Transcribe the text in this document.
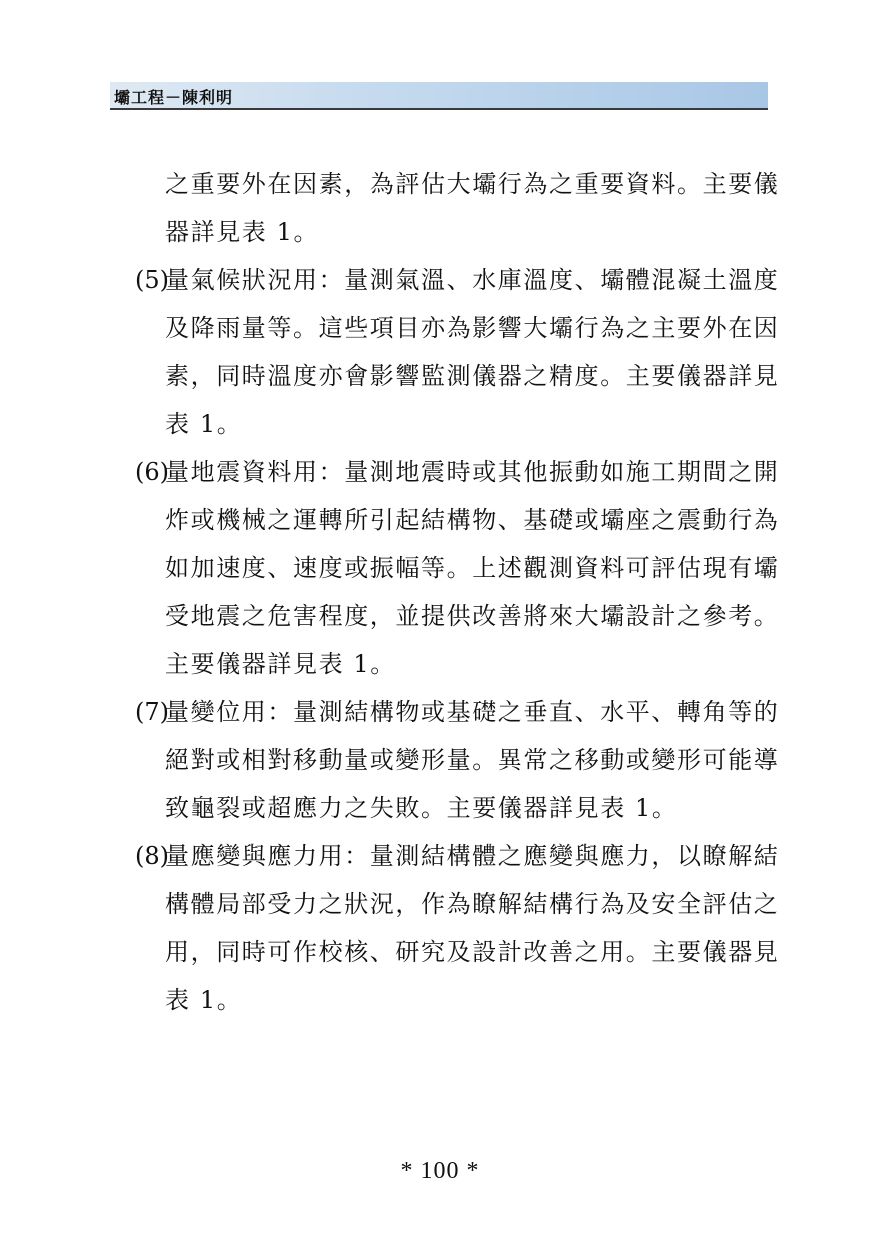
壩工程－陳利明
之重要外在因素，為評估大壩行為之重要資料。主要儀
器詳見表 1。
(5)
量氣候狀況用：量測氣溫、水庫溫度、壩體混凝土溫度
及降雨量等。這些項目亦為影響大壩行為之主要外在因
素，同時溫度亦會影響監測儀器之精度。主要儀器詳見
表 1。
(6)
量地震資料用：量測地震時或其他振動如施工期間之開
炸或機械之運轉所引起結構物、基礎或壩座之震動行為
如加速度、速度或振幅等。上述觀測資料可評估現有壩
受地震之危害程度，並提供改善將來大壩設計之參考。
主要儀器詳見表 1。
(7)
量變位用：量測結構物或基礎之垂直、水平、轉角等的
絕對或相對移動量或變形量。異常之移動或變形可能導
致龜裂或超應力之失敗。主要儀器詳見表 1。
(8)
量應變與應力用：量測結構體之應變與應力，以瞭解結
構體局部受力之狀況，作為瞭解結構行為及安全評估之
用，同時可作校核、研究及設計改善之用。主要儀器見
表 1。
* 100 *
